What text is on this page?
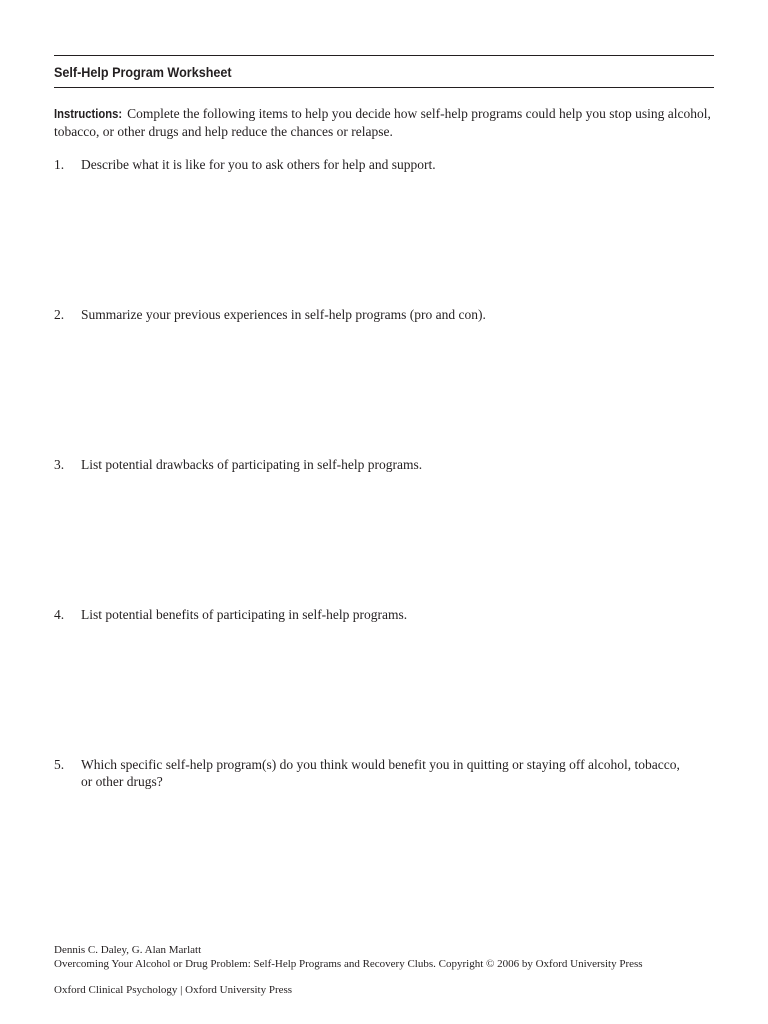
Self-Help Program Worksheet
Instructions: Complete the following items to help you decide how self-help programs could help you stop using alcohol, tobacco, or other drugs and help reduce the chances or relapse.
1.	Describe what it is like for you to ask others for help and support.
2.	Summarize your previous experiences in self-help programs (pro and con).
3.	List potential drawbacks of participating in self-help programs.
4.	List potential benefits of participating in self-help programs.
5.	Which specific self-help program(s) do you think would benefit you in quitting or staying off alcohol, tobacco, or other drugs?
Dennis C. Daley, G. Alan Marlatt
Overcoming Your Alcohol or Drug Problem: Self-Help Programs and Recovery Clubs. Copyright © 2006 by Oxford University Press
Oxford Clinical Psychology | Oxford University Press
